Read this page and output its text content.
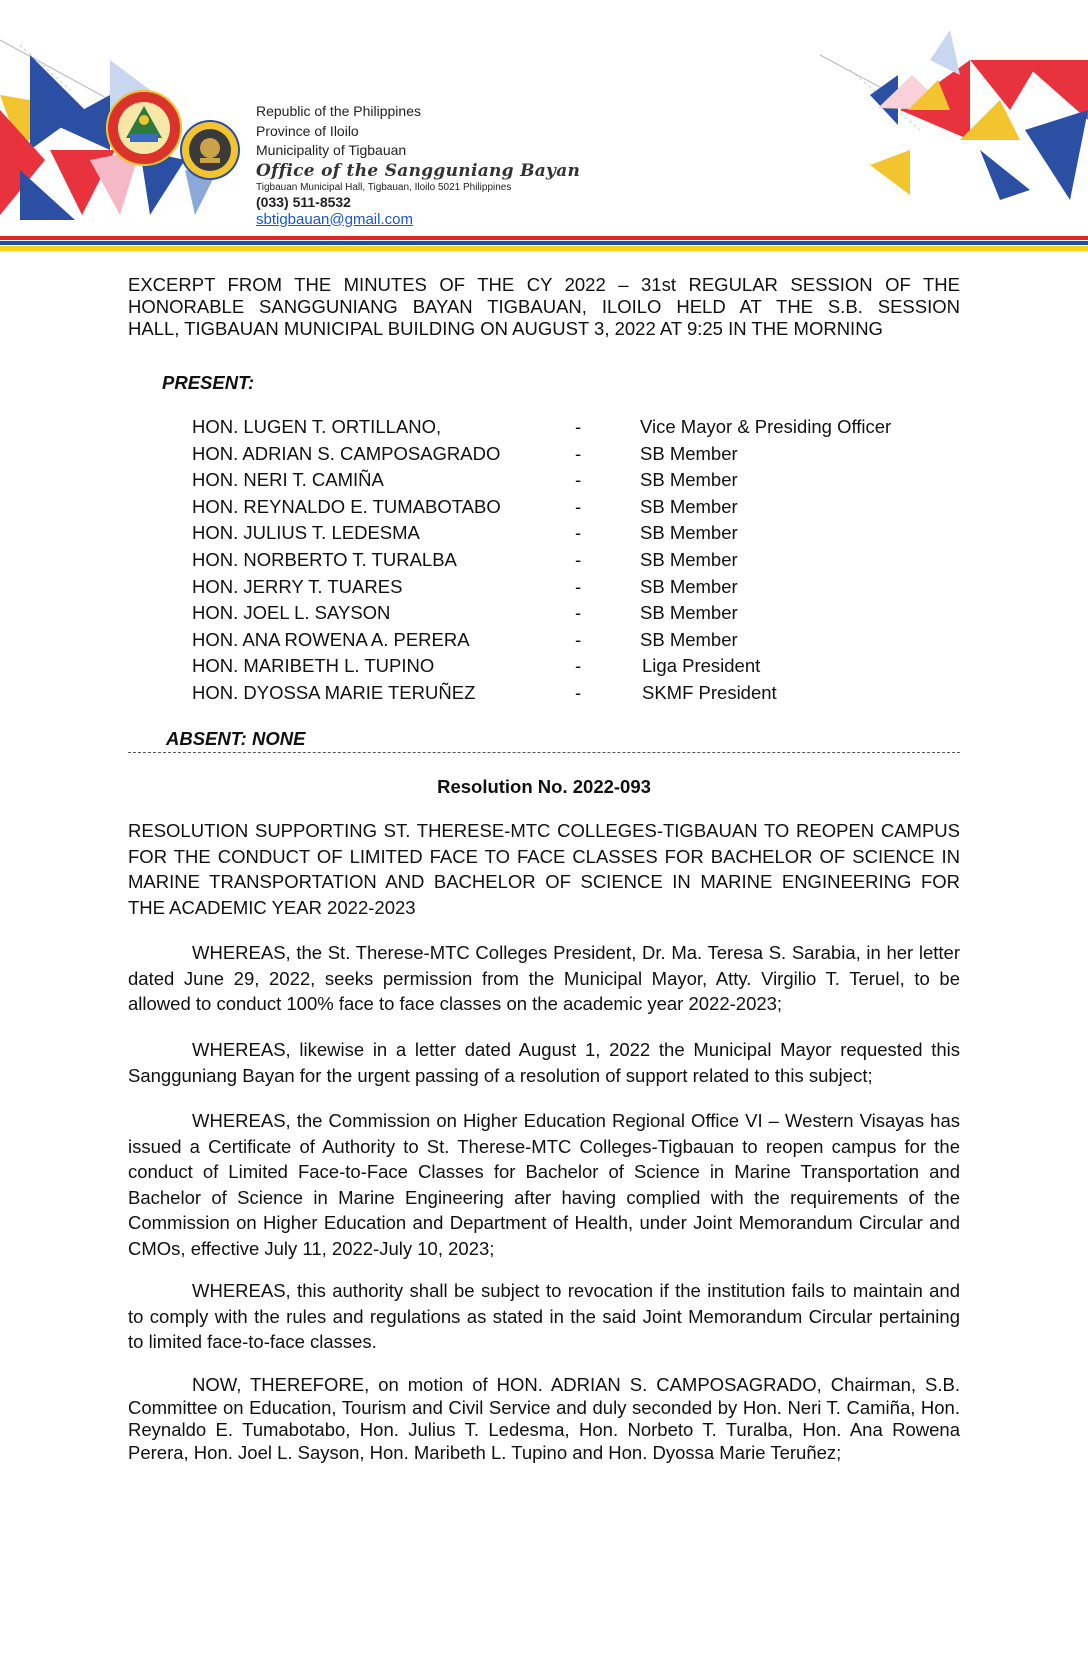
Republic of the Philippines
Province of Iloilo
Municipality of Tigbauan
Office of the Sangguniang Bayan
Tigbauan Municipal Hall, Tigbauan, Iloilo 5021 Philippines
(033) 511-8532
sbtigbauan@gmail.com
EXCERPT FROM THE MINUTES OF THE CY 2022 – 31st REGULAR SESSION OF THE
HONORABLE SANGGUNIANG BAYAN TIGBAUAN, ILOILO HELD AT THE S.B. SESSION
HALL, TIGBAUAN MUNICIPAL BUILDING ON AUGUST 3, 2022 AT 9:25 IN THE MORNING
PRESENT:
HON. LUGEN T. ORTILLANO,	-	Vice Mayor & Presiding Officer
HON. ADRIAN S. CAMPOSAGRADO	-	SB Member
HON. NERI T. CAMIÑA	-	SB Member
HON. REYNALDO E. TUMABOTABO	-	SB Member
HON. JULIUS T. LEDESMA	-	SB Member
HON. NORBERTO T. TURALBA	-	SB Member
HON. JERRY T. TUARES	-	SB Member
HON. JOEL L. SAYSON	-	SB Member
HON. ANA ROWENA A. PERERA	-	SB Member
HON. MARIBETH L. TUPINO	-	Liga President
HON. DYOSSA MARIE TERUÑEZ	-	SKMF President
ABSENT: NONE
Resolution No. 2022-093
RESOLUTION SUPPORTING ST. THERESE-MTC COLLEGES-TIGBAUAN TO REOPEN CAMPUS FOR THE CONDUCT OF LIMITED FACE TO FACE CLASSES FOR BACHELOR OF SCIENCE IN MARINE TRANSPORTATION AND BACHELOR OF SCIENCE IN MARINE ENGINEERING FOR THE ACADEMIC YEAR 2022-2023

WHEREAS, the St. Therese-MTC Colleges President, Dr. Ma. Teresa S. Sarabia, in her letter dated June 29, 2022, seeks permission from the Municipal Mayor, Atty. Virgilio T. Teruel, to be allowed to conduct 100% face to face classes on the academic year 2022-2023;

WHEREAS, likewise in a letter dated August 1, 2022 the Municipal Mayor requested this Sangguniang Bayan for the urgent passing of a resolution of support related to this subject;

WHEREAS, the Commission on Higher Education Regional Office VI – Western Visayas has issued a Certificate of Authority to St. Therese-MTC Colleges-Tigbauan to reopen campus for the conduct of Limited Face-to-Face Classes for Bachelor of Science in Marine Transportation and Bachelor of Science in Marine Engineering after having complied with the requirements of the Commission on Higher Education and Department of Health, under Joint Memorandum Circular and CMOs, effective July 11, 2022-July 10, 2023;

WHEREAS, this authority shall be subject to revocation if the institution fails to maintain and to comply with the rules and regulations as stated in the said Joint Memorandum Circular pertaining to limited face-to-face classes.

NOW, THEREFORE, on motion of HON. ADRIAN S. CAMPOSAGRADO, Chairman, S.B. Committee on Education, Tourism and Civil Service and duly seconded by Hon. Neri T. Camiña, Hon. Reynaldo E. Tumabotabo, Hon. Julius T. Ledesma, Hon. Norbeto T. Turalba, Hon. Ana Rowena Perera, Hon. Joel L. Sayson, Hon. Maribeth L. Tupino and Hon. Dyossa Marie Teruñez;
